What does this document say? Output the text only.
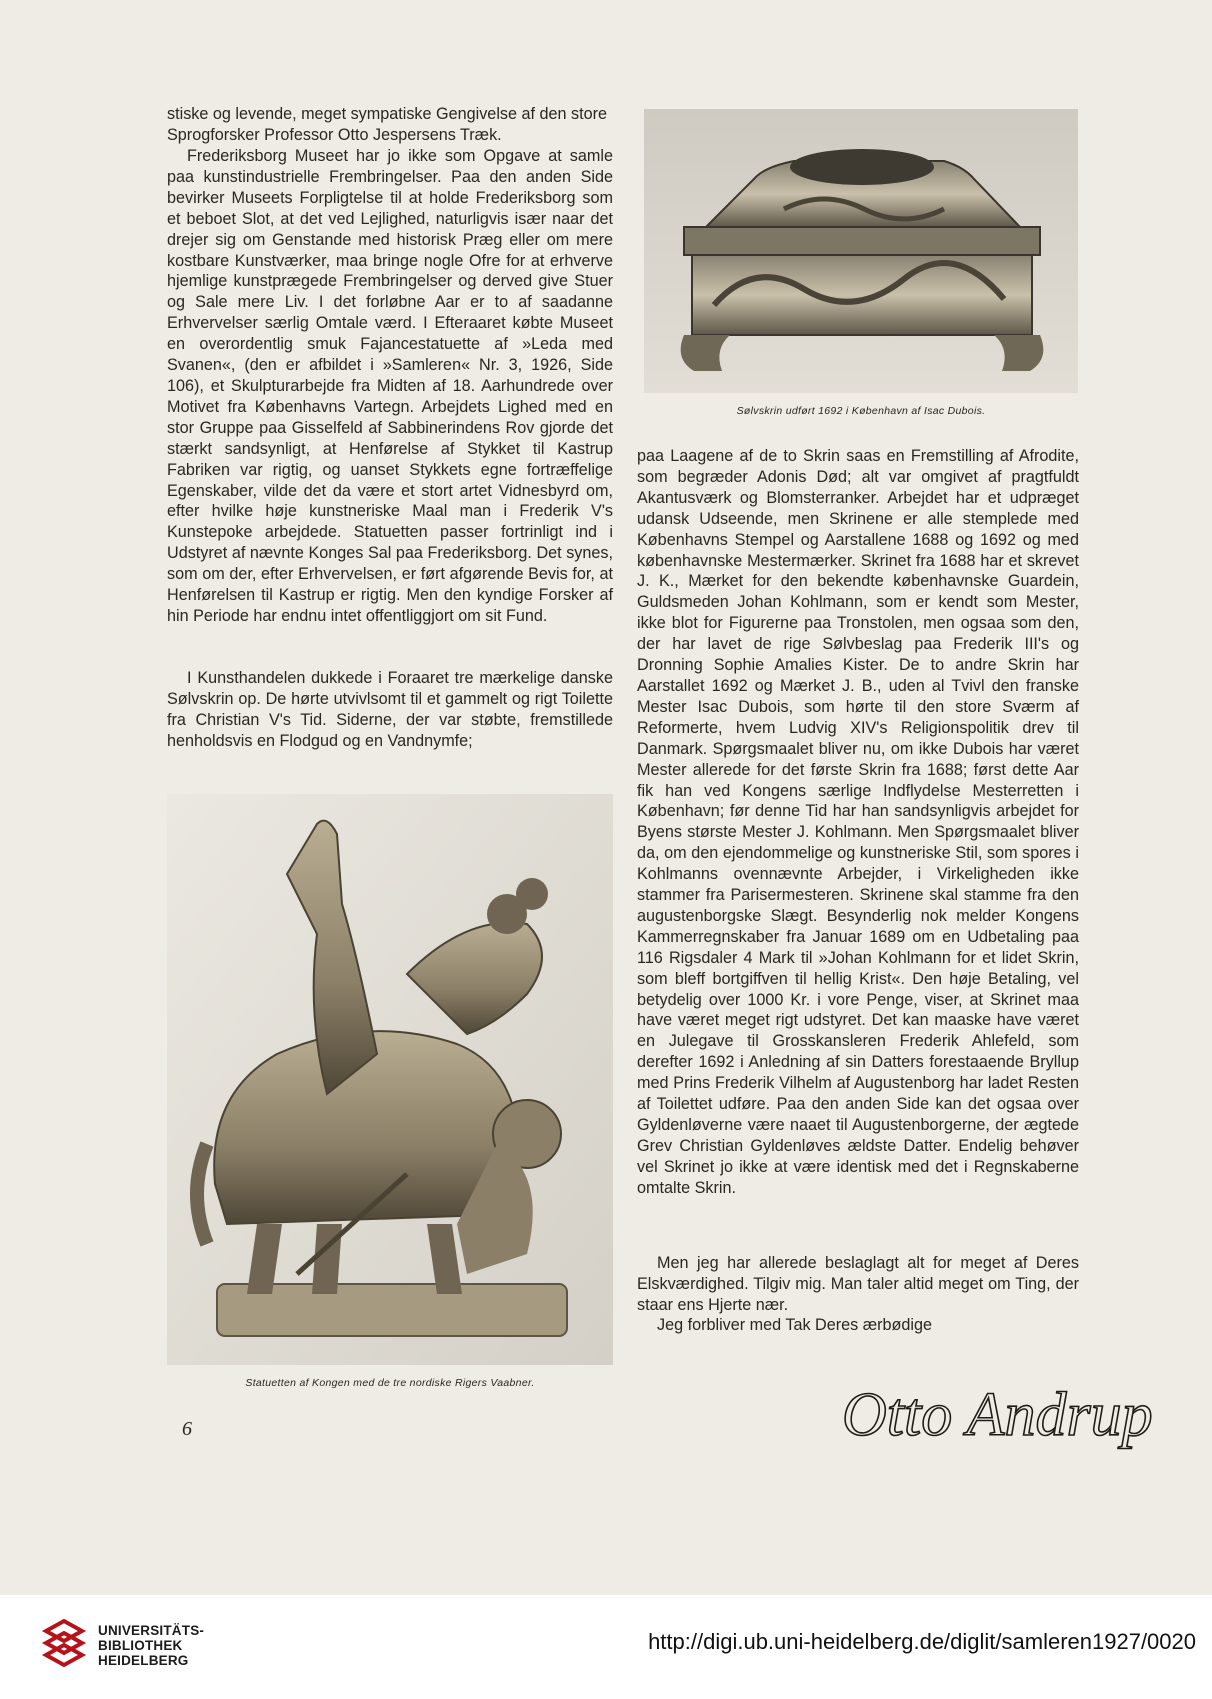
stiske og levende, meget sympatiske Gengivelse af den store
Sprogforsker Professor Otto Jespersens Træk.

Frederiksborg Museet har jo ikke som Opgave at samle paa kunstindustrielle Frembringelser. Paa den anden Side bevirker Museets Forpligtelse til at holde Frederiksborg som et beboet Slot, at det ved Lejlighed, naturligvis især naar det drejer sig om Genstande med historisk Præg eller om mere kostbare Kunstværker, maa bringe nogle Ofre for at erhverve hjemlige kunstprægede Frembringelser og derved give Stuer og Sale mere Liv. I det forløbne Aar er to af saadanne Erhvervelser særlig Omtale værd. I Efteraaret købte Museet en overordentlig smuk Fajancestatuette af »Leda med Svanen«, (den er afbildet i »Samleren« Nr. 3, 1926, Side 106), et Skulpturarbejde fra Midten af 18. Aarhundrede over Motivet fra Københavns Vartegn. Arbejdets Lighed med en stor Gruppe paa Gisselfeld af Sabbinerindens Rov gjorde det stærkt sandsynligt, at Henførelse af Stykket til Kastrup Fabriken var rigtig, og uanset Stykkets egne fortræffelige Egenskaber, vilde det da være et stort artet Vidnesbyrd om, efter hvilke høje kunstneriske Maal man i Frederik V's Kunstepoke arbejdede. Statuetten passer fortrinligt ind i Udstyret af nævnte Konges Sal paa Frederiksborg. Det synes, som om der, efter Erhvervelsen, er ført afgørende Bevis for, at Henførelsen til Kastrup er rigtig. Men den kyndige Forsker af hin Periode har endnu intet offentliggjort om sit Fund.

I Kunsthandelen dukkede i Foraaret tre mærkelige danske Sølvskrin op. De hørte utvivlsomt til et gammelt og rigt Toilette fra Christian V's Tid. Siderne, der var støbte, fremstillede henholdsvis en Flodgud og en Vandnymfe;

Sølvskrin udført 1692 i København af Isac Dubois.

paa Laagene af de to Skrin saas en Fremstilling af Afrodite, som begræder Adonis Død; alt var omgivet af pragtfuldt Akantusværk og Blomsterranker. Arbejdet har et udpræget udansk Udseende, men Skrinene er alle stemplede med Københavns Stempel og Aarstallene 1688 og 1692 og med københavnske Mestermærker. Skrinet fra 1688 har et skrevet J. K., Mærket for den bekendte københavnske Guardein, Guldsmeden Johan Kohlmann, som er kendt som Mester, ikke blot for Figurerne paa Tronstolen, men ogsaa som den, der har lavet de rige Sølvbeslag paa Frederik III's og Dronning Sophie Amalies Kister. De to andre Skrin har Aarstallet 1692 og Mærket J. B., uden al Tvivl den franske Mester Isac Dubois, som hørte til den store Sværm af Reformerte, hvem Ludvig XIV's Religionspolitik drev til Danmark. Spørgsmaalet bliver nu, om ikke Dubois har været Mester allerede for det første Skrin fra 1688; først dette Aar fik han ved Kongens særlige Indflydelse Mesterretten i København; før denne Tid har han sandsynligvis arbejdet for Byens største Mester J. Kohlmann. Men Spørgsmaalet bliver da, om den ejendommelige og kunstneriske Stil, som spores i Kohlmanns ovennævnte Arbejder, i Virkeligheden ikke stammer fra Parisermesteren. Skrinene skal stamme fra den augustenborgske Slægt. Besynderlig nok melder Kongens Kammerregnskaber fra Januar 1689 om en Udbetaling paa 116 Rigsdaler 4 Mark til »Johan Kohlmann for et lidet Skrin, som bleff bortgiffven til hellig Krist«. Den høje Betaling, vel betydelig over 1000 Kr. i vore Penge, viser, at Skrinet maa have været meget rigt udstyret. Det kan maaske have været en Julegave til Grosskansleren Frederik Ahlefeld, som derefter 1692 i Anledning af sin Datters forestaaende Bryllup med Prins Frederik Vilhelm af Augustenborg har ladet Resten af Toilettet udføre. Paa den anden Side kan det ogsaa over Gyldenløverne være naaet til Augustenborgerne, der ægtede Grev Christian Gyldenløves ældste Datter. Endelig behøver vel Skrinet jo ikke at være identisk med det i Regnskaberne omtalte Skrin.

Men jeg har allerede beslaglagt alt for meget af Deres Elskværdighed. Tilgiv mig. Man taler altid meget om Ting, der staar ens Hjerte nær.

Jeg forbliver med Tak Deres ærbødige

Statuetten af Kongen med de tre nordiske Rigers Vaabner.

6	Otto Andrup
UNIVERSITÄTS-
BIBLIOTHEK
HEIDELBERG
http://digi.ub.uni-heidelberg.de/diglit/samleren1927/0020
